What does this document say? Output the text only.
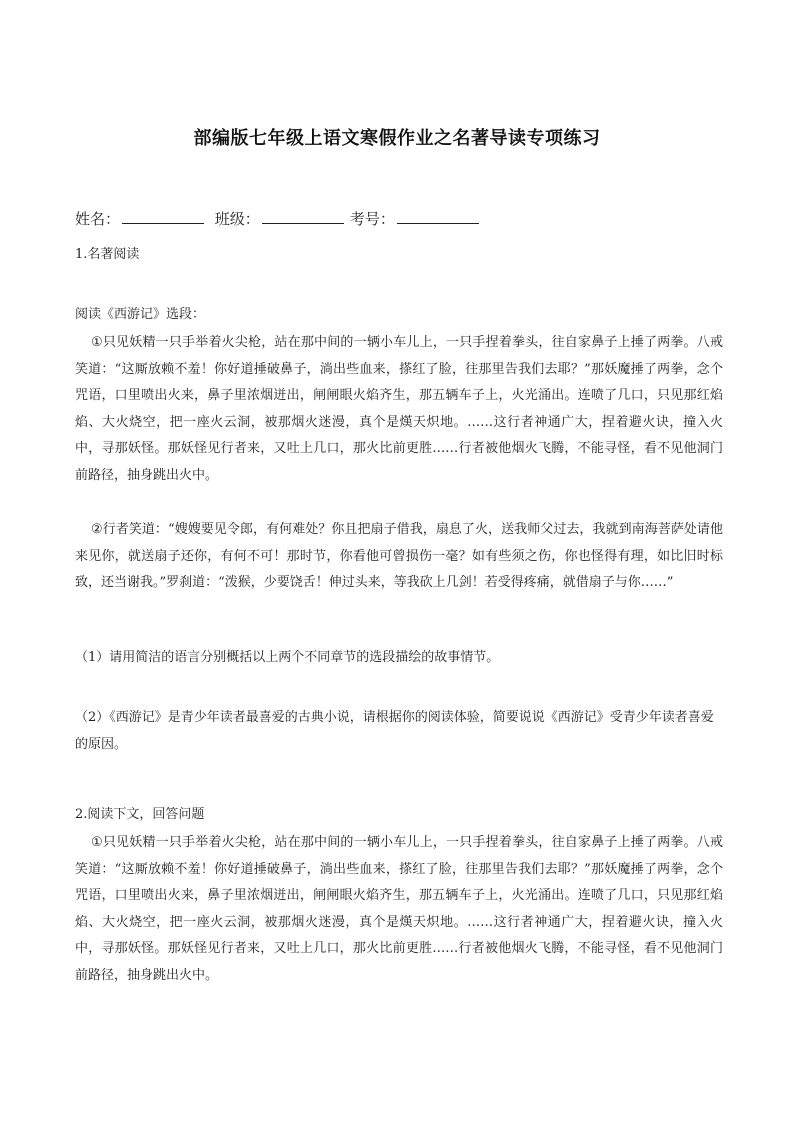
部编版七年级上语文寒假作业之名著导读专项练习
姓名：	班级：	考号：
1.名著阅读
阅读《西游记》选段：
①只见妖精一只手举着火尖枪，站在那中间的一辆小车儿上，一只手捏着拳头，往自家鼻子上捶了两拳。八戒笑道：“这厮放赖不羞！你好道捶破鼻子，淌出些血来，搽红了脸，往那里告我们去耶？”那妖魔捶了两拳，念个咒语，口里喷出火来，鼻子里浓烟迸出，闸闸眼火焰齐生，那五辆车子上，火光涌出。连喷了几口，只见那红焰焰、大火烧空，把一座火云洞，被那烟火迷漫，真个是熯天炽地。……这行者神通广大，捏着避火诀，撞入火中，寻那妖怪。那妖怪见行者来，又吐上几口，那火比前更胜……行者被他烟火飞腾，不能寻怪，看不见他洞门前路径，抽身跳出火中。
②行者笑道：“嫂嫂要见令郎，有何难处？你且把扇子借我，扇息了火，送我师父过去，我就到南海菩萨处请他来见你，就送扇子还你，有何不可！那时节，你看他可曾损伤一毫？如有些须之伤，你也怪得有理，如比旧时标致，还当谢我。”罗刹道：“泼猴，少要饶舌！伸过头来，等我砍上几剑！若受得疼痛，就借扇子与你……”
（1）请用简洁的语言分别概括以上两个不同章节的选段描绘的故事情节。
（2）《西游记》是青少年读者最喜爱的古典小说，请根据你的阅读体验，简要说说《西游记》受青少年读者喜爱的原因。
2.阅读下文，回答问题
①只见妖精一只手举着火尖枪，站在那中间的一辆小车儿上，一只手捏着拳头，往自家鼻子上捶了两拳。八戒笑道：“这厮放赖不羞！你好道捶破鼻子，淌出些血来，搽红了脸，往那里告我们去耶？”那妖魔捶了两拳，念个咒语，口里喷出火来，鼻子里浓烟迸出，闸闸眼火焰齐生，那五辆车子上，火光涌出。连喷了几口，只见那红焰焰、大火烧空，把一座火云洞，被那烟火迷漫，真个是熯天炽地。……这行者神通广大，捏着避火诀，撞入火中，寻那妖怪。那妖怪见行者来，又吐上几口，那火比前更胜……行者被他烟火飞腾，不能寻怪，看不见他洞门前路径，抽身跳出火中。
